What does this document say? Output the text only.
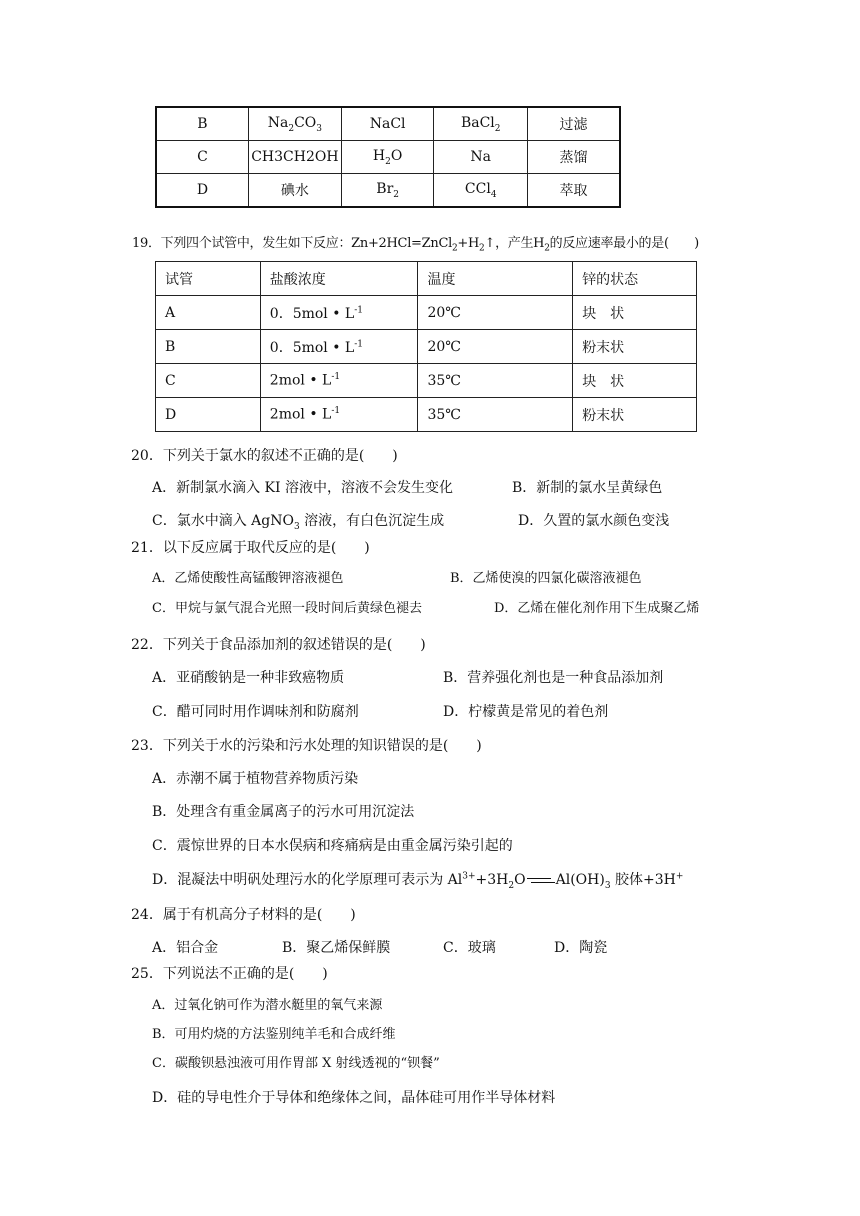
B	$Na_2CO_3$	NaCl	BaCl$_2$	过滤
C	CH3CH2OH	$H_2O$	Na	蒸馏
D	碘水	$Br_2$	CCl$_4$	萃取
19．下列四个试管中，发生如下反应：$Zn+2HCl=ZnCl_2+H_2↑$，产生$H_2$的反应速率最小的是(　　)
试管	盐酸浓度	温度	锌的状态
A	0．5mol • $L^{-1}$	20℃	块　状
B	0．5mol • $L^{-1}$	20℃	粉末状
C	2mol • $L^{-1}$	35℃	块　状
D	2mol • $L^{-1}$	35℃	粉末状
20．下列关于氯水的叙述不正确的是(　　)
A．新制氯水滴入 KI 溶液中，溶液不会发生变化	B．新制的氯水呈黄绿色
C．氯水中滴入 AgNO$_3$ 溶液，有白色沉淀生成	D．久置的氯水颜色变浅
21．以下反应属于取代反应的是(　　)
A．乙烯使酸性高锰酸钾溶液褪色	B．乙烯使溴的四氯化碳溶液褪色
C．甲烷与氯气混合光照一段时间后黄绿色褪去	D．乙烯在催化剂作用下生成聚乙烯
22．下列关于食品添加剂的叙述错误的是(　　)
A．亚硝酸钠是一种非致癌物质	B．营养强化剂也是一种食品添加剂
C．醋可同时用作调味剂和防腐剂	D．柠檬黄是常见的着色剂
23．下列关于水的污染和污水处理的知识错误的是(　　)
A．赤潮不属于植物营养物质污染
B．处理含有重金属离子的污水可用沉淀法
C．震惊世界的日本水俣病和疼痛病是由重金属污染引起的
D．混凝法中明矾处理污水的化学原理可表示为 $Al^{3+}+3H_2O$ $Al(OH)_3$ 胶体+3H+
24．属于有机高分子材料的是(　　)
A．铝合金	B．聚乙烯保鲜膜	C．玻璃	D．陶瓷
25．下列说法不正确的是(　　)
A．过氧化钠可作为潜水艇里的氧气来源
B．可用灼烧的方法鉴别纯羊毛和合成纤维
C．碳酸钡悬浊液可用作胃部 X 射线透视的“钡餐”
D．硅的导电性介于导体和绝缘体之间，晶体硅可用作半导体材料
